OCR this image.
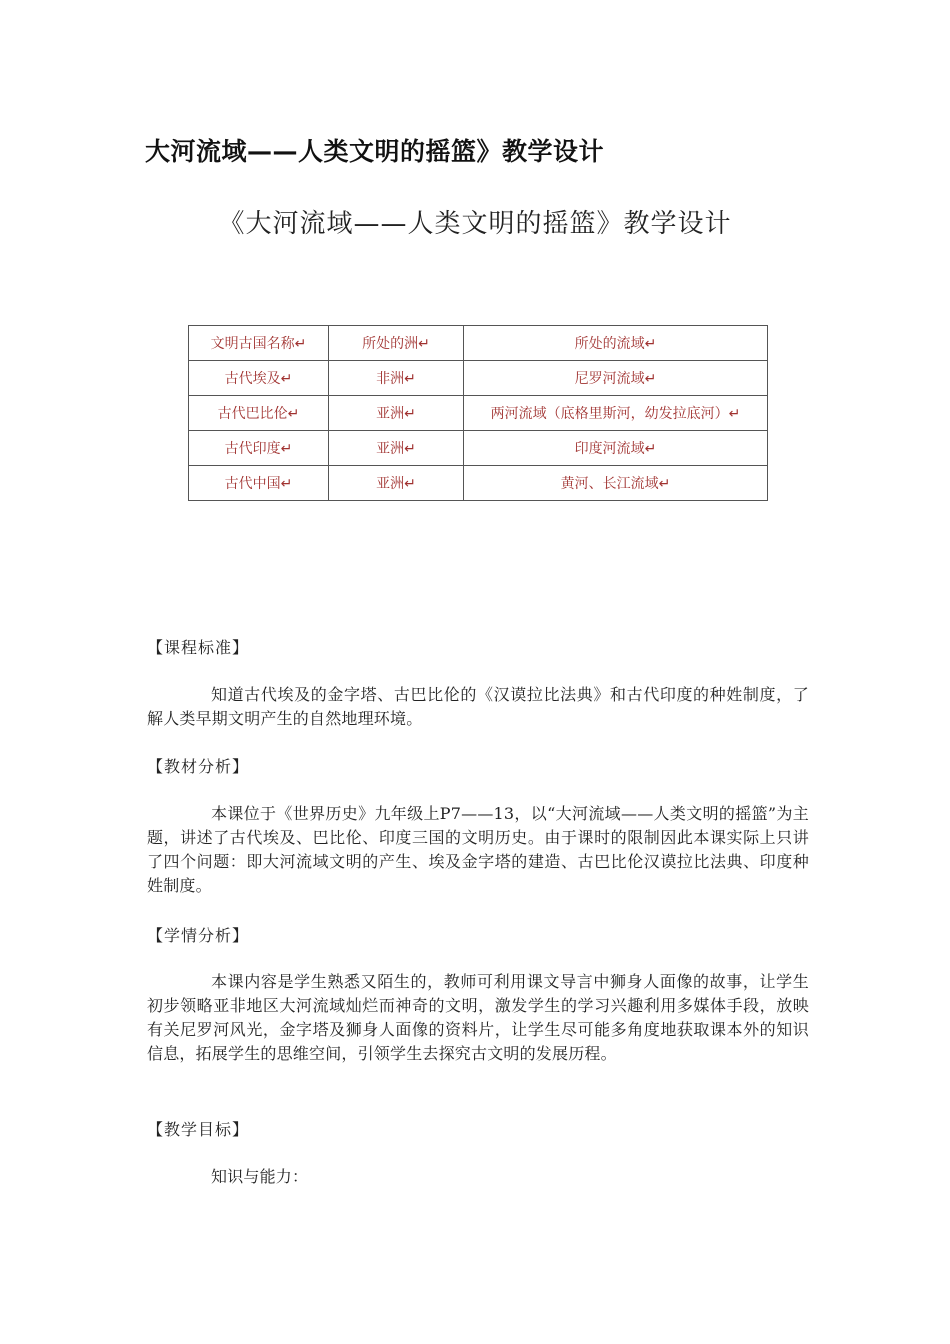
大河流域——人类文明的摇篮》教学设计
《大河流域——人类文明的摇篮》教学设计
文明古国名称↵	所处的洲↵	所处的流域↵
古代埃及↵	非洲↵	尼罗河流域↵
古代巴比伦↵	亚洲↵	两河流域（底格里斯河，幼发拉底河）↵
古代印度↵	亚洲↵	印度河流域↵
古代中国↵	亚洲↵	黄河、长江流域↵
【课程标准】
知道古代埃及的金字塔、古巴比伦的《汉谟拉比法典》和古代印度的种姓制度，了解人类早期文明产生的自然地理环境。
【教材分析】
本课位于《世界历史》九年级上P7——13，以“大河流域——人类文明的摇篮”为主题，讲述了古代埃及、巴比伦、印度三国的文明历史。由于课时的限制因此本课实际上只讲了四个问题：即大河流域文明的产生、埃及金字塔的建造、古巴比伦汉谟拉比法典、印度种姓制度。
【学情分析】
本课内容是学生熟悉又陌生的，教师可利用课文导言中狮身人面像的故事，让学生初步领略亚非地区大河流域灿烂而神奇的文明，激发学生的学习兴趣利用多媒体手段，放映有关尼罗河风光，金字塔及狮身人面像的资料片，让学生尽可能多角度地获取课本外的知识信息，拓展学生的思维空间，引领学生去探究古文明的发展历程。
【教学目标】
知识与能力：
